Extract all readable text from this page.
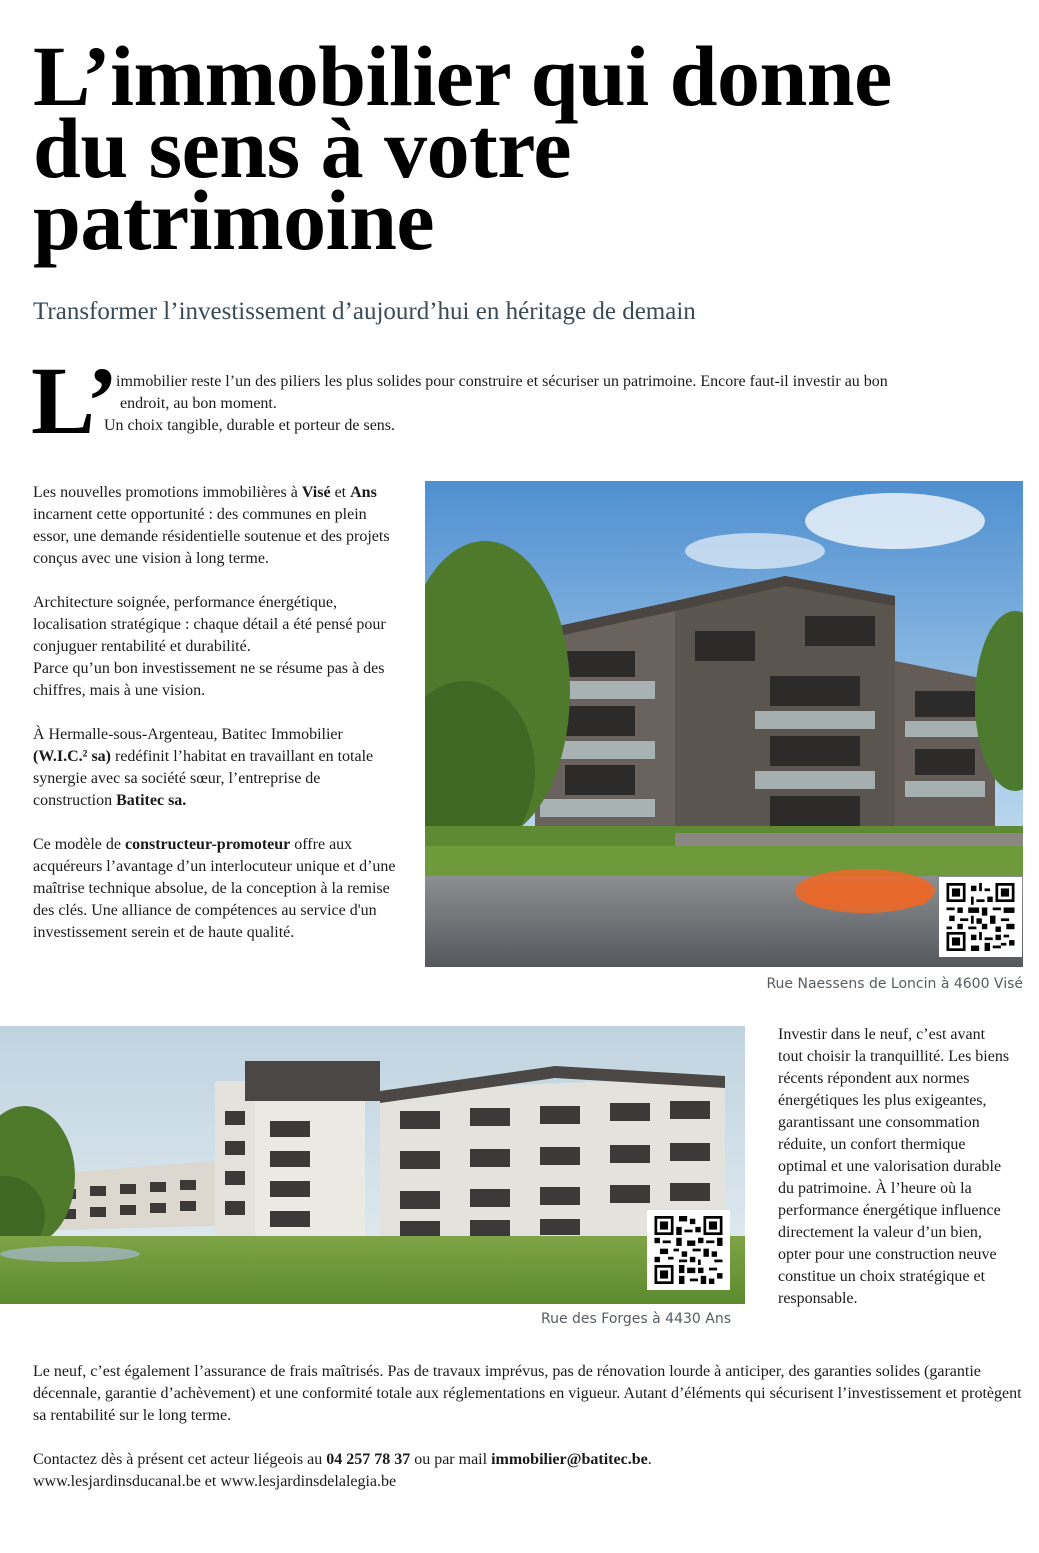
L’immobilier qui donne
du sens à votre
patrimoine
Transformer l’investissement d’aujourd’hui en héritage de demain
L’
immobilier reste l’un des piliers les plus solides pour construire et sécuriser un patrimoine. Encore faut-il investir au bon
endroit, au bon moment.
Un choix tangible, durable et porteur de sens.

Les nouvelles promotions immobilières à Visé et Ans incarnent cette opportunité : des communes en plein essor, une demande résidentielle soutenue et des projets conçus avec une vision à long terme.

Architecture soignée, performance énergétique, localisation stratégique : chaque détail a été pensé pour conjuguer rentabilité et durabilité.

Parce qu’un bon investissement ne se résume pas à des chiffres, mais à une vision.

À Hermalle-sous-Argenteau, Batitec Immobilier (W.I.C.² sa) redéfinit l’habitat en travaillant en totale synergie avec sa société sœur, l’entreprise de construction Batitec sa.

Ce modèle de constructeur-promoteur offre aux acquéreurs l’avantage d’un interlocuteur unique et d’une maîtrise technique absolue, de la conception à la remise des clés. Une alliance de compétences au service d'un investissement serein et de haute qualité.

Rue Naessens de Loncin à 4600 Visé
Rue des Forges à 4430 Ans

Investir dans le neuf, c’est avant tout choisir la tranquillité. Les biens récents répondent aux normes énergétiques les plus exigeantes, garantissant une consommation réduite, un confort thermique optimal et une valorisation durable du patrimoine. À l’heure où la performance énergétique influence directement la valeur d’un bien, opter pour une construction neuve constitue un choix stratégique et responsable.

Le neuf, c’est également l’assurance de frais maîtrisés. Pas de travaux imprévus, pas de rénovation lourde à anticiper, des garanties solides (garantie décennale, garantie d’achèvement) et une conformité totale aux réglementations en vigueur. Autant d’éléments qui sécurisent l’investissement et protègent sa rentabilité sur le long terme.

Contactez dès à présent cet acteur liégeois au 04 257 78 37 ou par mail immobilier@batitec.be.

www.lesjardinsducanal.be et www.lesjardinsdelalegia.be
